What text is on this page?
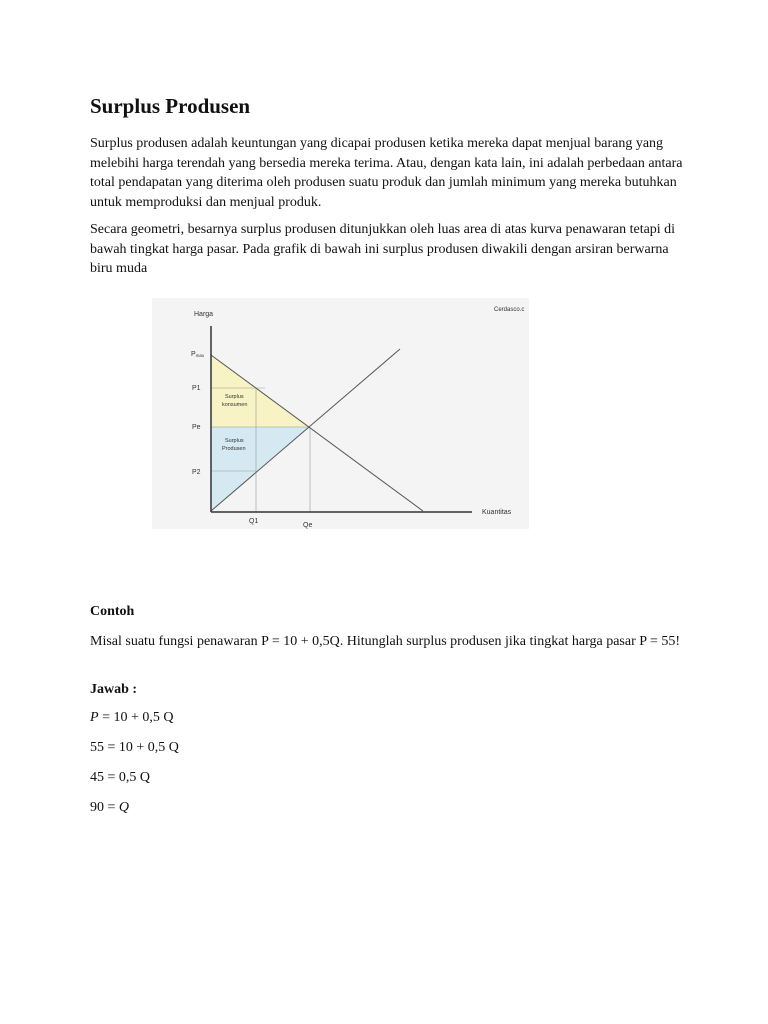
Surplus Produsen

Surplus produsen adalah keuntungan yang dicapai produsen ketika mereka dapat menjual barang yang melebihi harga terendah yang bersedia mereka terima. Atau, dengan kata lain, ini adalah perbedaan antara total pendapatan yang diterima oleh produsen suatu produk dan jumlah minimum yang mereka butuhkan untuk memproduksi dan menjual produk.

Secara geometri, besarnya surplus produsen ditunjukkan oleh luas area di atas kurva penawaran tetapi di bawah tingkat harga pasar. Pada grafik di bawah ini surplus produsen diwakili dengan arsiran berwarna biru muda

Cerdasco.c
Harga
Kuantitas
Pmax
P1
Pe
P2
Q1
Qe
Surplus
konsumen
Surplus
Produsen
Contoh

Misal suatu fungsi penawaran P = 10 + 0,5Q. Hitunglah surplus produsen jika tingkat harga pasar P = 55!

Jawab :

P = 10 + 0,5 Q

55 = 10 + 0,5 Q

45 = 0,5 Q

90 = Q
